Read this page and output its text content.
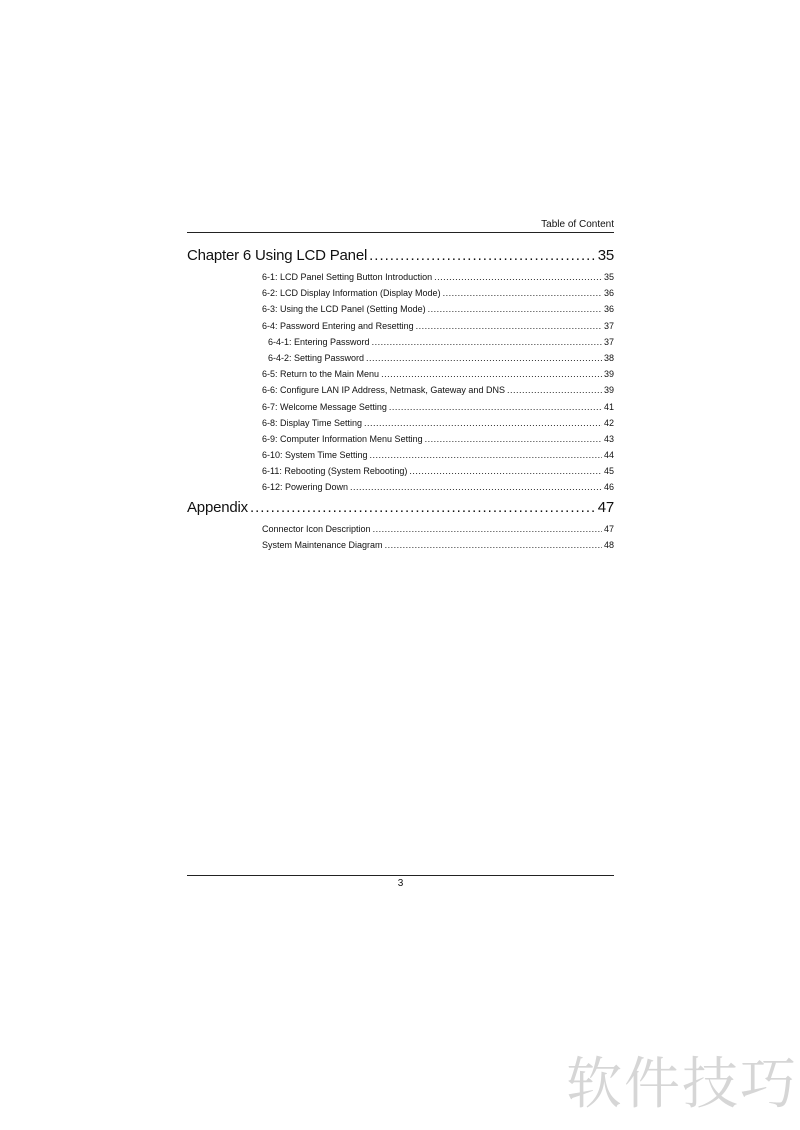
Table of Content
Chapter 6 Using LCD Panel .....	35
6-1: LCD Panel Setting Button Introduction .....	35
6-2: LCD Display Information (Display Mode) .....	36
6-3: Using the LCD Panel (Setting Mode) .....	36
6-4: Password Entering and Resetting .....	37
6-4-1: Entering Password .....	37
6-4-2: Setting Password .....	38
6-5: Return to the Main Menu .....	39
6-6: Configure LAN IP Address, Netmask, Gateway and DNS .....	39
6-7: Welcome Message Setting .....	41
6-8: Display Time Setting .....	42
6-9: Computer Information Menu Setting .....	43
6-10: System Time Setting .....	44
6-11: Rebooting (System Rebooting) .....	45
6-12: Powering Down .....	46
Appendix .....	47
Connector Icon Description .....	47
System Maintenance Diagram .....	48
3
软件技巧
